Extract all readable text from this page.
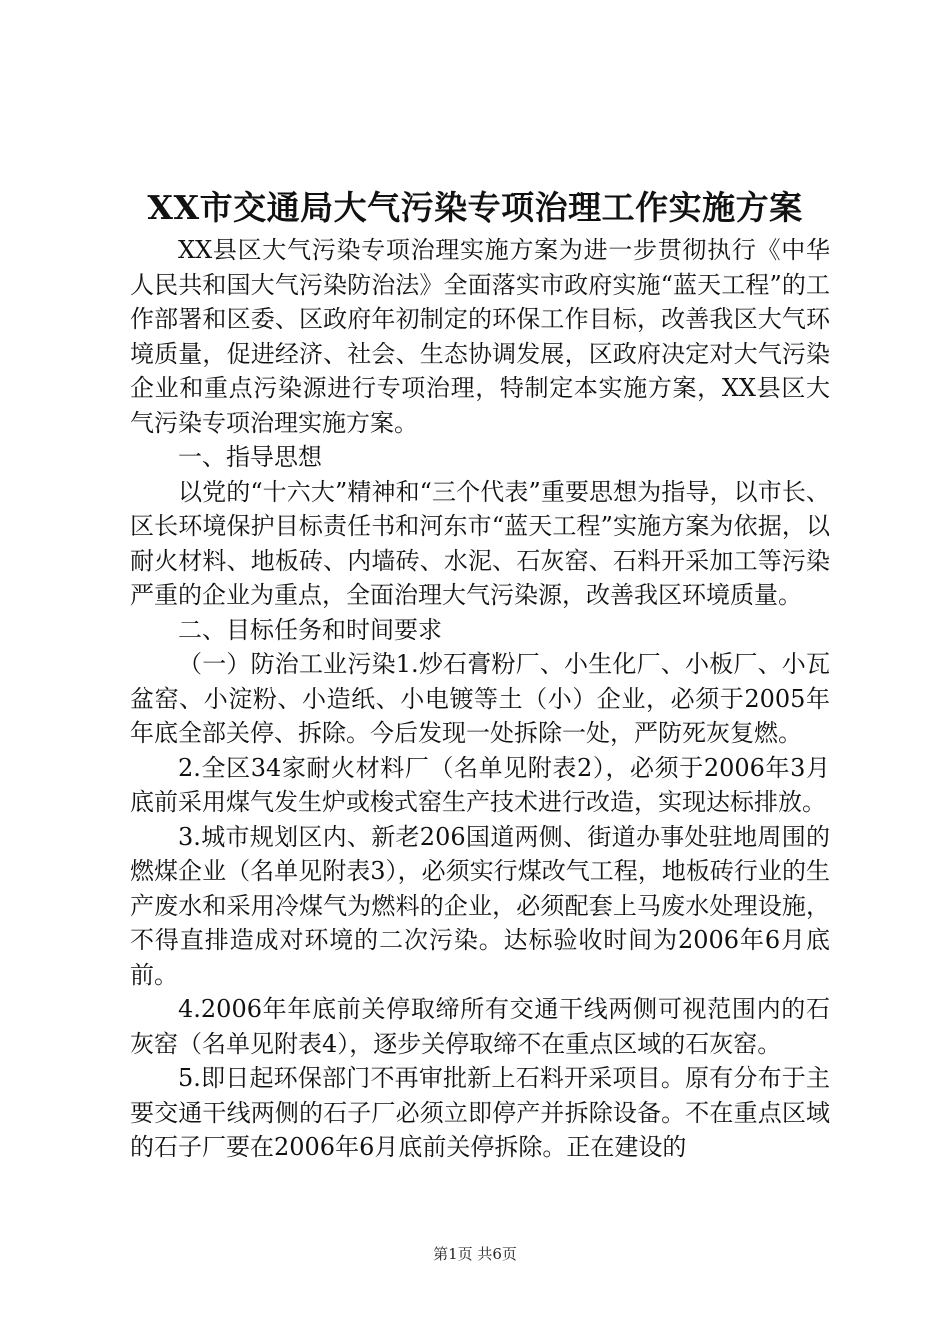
XX市交通局大气污染专项治理工作实施方案

XX县区大气污染专项治理实施方案为进一步贯彻执行《中华人民共和国大气污染防治法》全面落实市政府实施“蓝天工程”的工作部署和区委、区政府年初制定的环保工作目标，改善我区大气环境质量，促进经济、社会、生态协调发展，区政府决定对大气污染企业和重点污染源进行专项治理，特制定本实施方案，XX县区大气污染专项治理实施方案。

一、指导思想

以党的“十六大”精神和“三个代表”重要思想为指导，以市长、区长环境保护目标责任书和河东市“蓝天工程”实施方案为依据，以耐火材料、地板砖、内墙砖、水泥、石灰窑、石料开采加工等污染严重的企业为重点，全面治理大气污染源，改善我区环境质量。

二、目标任务和时间要求

（一）防治工业污染1.炒石膏粉厂、小生化厂、小板厂、小瓦盆窑、小淀粉、小造纸、小电镀等土（小）企业，必须于2005年年底全部关停、拆除。今后发现一处拆除一处，严防死灰复燃。

2.全区34家耐火材料厂（名单见附表2），必须于2006年3月底前采用煤气发生炉或梭式窑生产技术进行改造，实现达标排放。

3.城市规划区内、新老206国道两侧、街道办事处驻地周围的燃煤企业（名单见附表3），必须实行煤改气工程，地板砖行业的生产废水和采用冷煤气为燃料的企业，必须配套上马废水处理设施，不得直排造成对环境的二次污染。达标验收时间为2006年6月底前。

4.2006年年底前关停取缔所有交通干线两侧可视范围内的石灰窑（名单见附表4），逐步关停取缔不在重点区域的石灰窑。

5.即日起环保部门不再审批新上石料开采项目。原有分布于主要交通干线两侧的石子厂必须立即停产并拆除设备。不在重点区域的石子厂要在2006年6月底前关停拆除。正在建设的

第1页 共6页
